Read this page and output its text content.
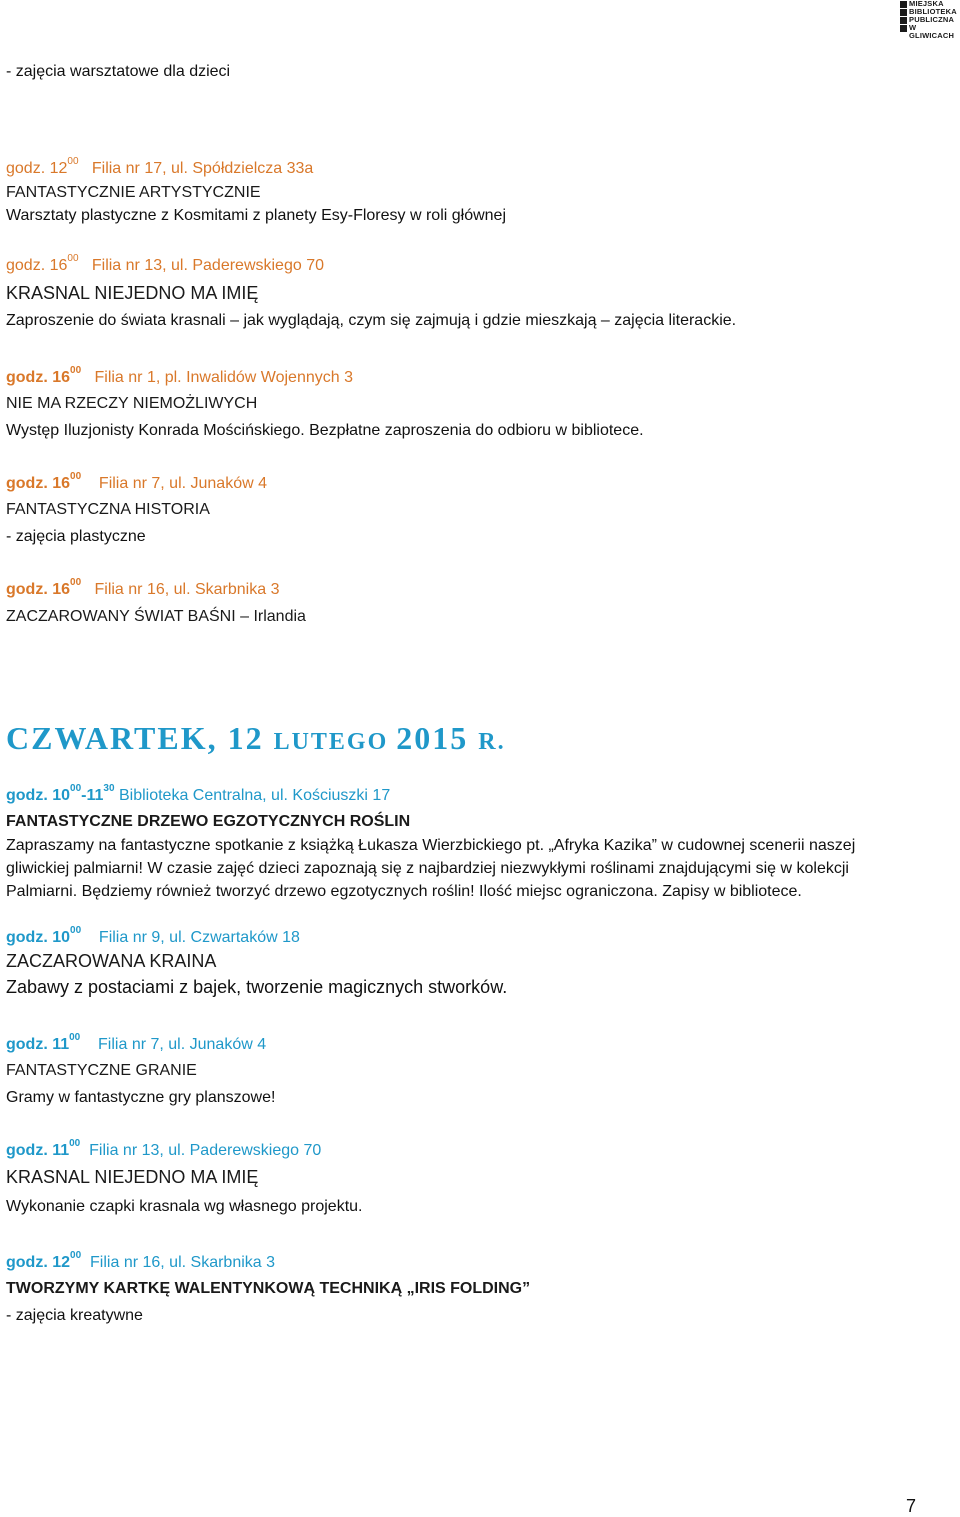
MIEJSKA
BIBLIOTEKA
PUBLICZNA
W GLIWICACH
- zajęcia warsztatowe dla dzieci
godz. $12^{00}$ Filia nr 17, ul. Spółdzielcza 33a
FANTASTYCZNIE ARTYSTYCZNIE
Warsztaty plastyczne z Kosmitami z planety Esy-Floresy w roli głównej
godz. $16^{00}$ Filia nr 13, ul. Paderewskiego 70
KRASNAL NIEJEDNO MA IMIĘ
Zaproszenie do świata krasnali – jak wyglądają, czym się zajmują i gdzie mieszkają – zajęcia literackie.
godz. $16^{00}$ Filia nr 1, pl. Inwalidów Wojennych 3
NIE MA RZECZY NIEMOŻLIWYCH
Występ Iluzjonisty Konrada Mościńskiego. Bezpłatne zaproszenia do odbioru w bibliotece.
godz. $16^{00}$ Filia nr 7, ul. Junaków 4
FANTASTYCZNA HISTORIA
- zajęcia plastyczne
godz. $16^{00}$ Filia nr 16, ul. Skarbnika 3
ZACZAROWANY ŚWIAT BAŚNI – Irlandia
CZWARTEK, 12 LUTEGO 2015 R.
godz. $10^{00}-11^{30}$ Biblioteka Centralna, ul. Kościuszki 17
FANTASTYCZNE DRZEWO EGZOTYCZNYCH ROŚLIN
Zapraszamy na fantastyczne spotkanie z książką Łukasza Wierzbickiego pt. „Afryka Kazika” w cudownej scenerii naszej gliwickiej palmiarni! W czasie zajęć dzieci zapoznają się z najbardziej niezwykłymi roślinami znajdującymi się w kolekcji Palmiarni. Będziemy również tworzyć drzewo egzotycznych roślin! Ilość miejsc ograniczona. Zapisy w bibliotece.
godz. $10^{00}$ Filia nr 9, ul. Czwartaków 18
ZACZAROWANA KRAINA
Zabawy z postaciami z bajek, tworzenie magicznych stworków.
godz. $11^{00}$ Filia nr 7, ul. Junaków 4
FANTASTYCZNE GRANIE
Gramy w fantastyczne gry planszowe!
godz. $11^{00}$ Filia nr 13, ul. Paderewskiego 70
KRASNAL NIEJEDNO MA IMIĘ
Wykonanie czapki krasnala wg własnego projektu.
godz. $12^{00}$ Filia nr 16, ul. Skarbnika 3
TWORZYMY KARTKĘ WALENTYNKOWĄ TECHNIKĄ „IRIS FOLDING”
- zajęcia kreatywne
7
